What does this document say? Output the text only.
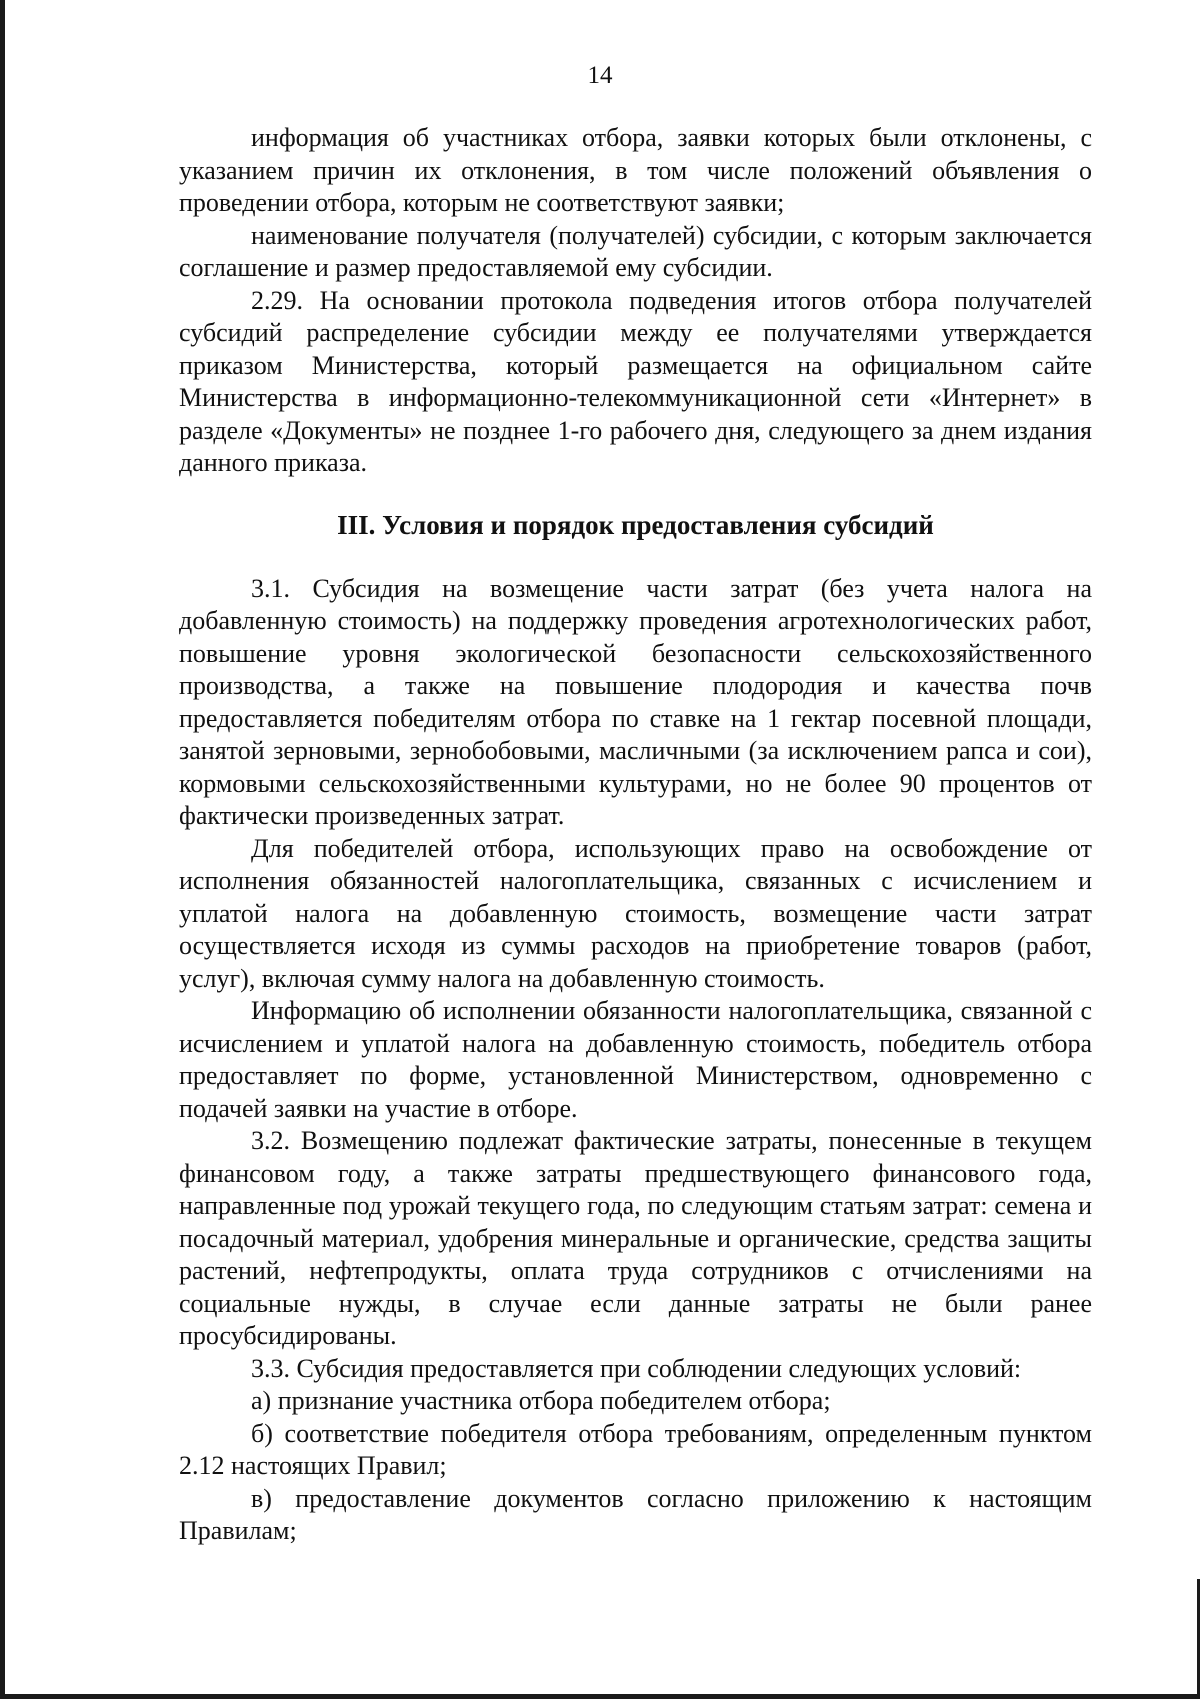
14

информация об участниках отбора, заявки которых были отклонены, с указанием причин их отклонения, в том числе положений объявления о проведении отбора, которым не соответствуют заявки;

наименование получателя (получателей) субсидии, с которым заключается соглашение и размер предоставляемой ему субсидии.

2.29. На основании протокола подведения итогов отбора получателей субсидий распределение субсидии между ее получателями утверждается приказом Министерства, который размещается на официальном сайте Министерства в информационно-телекоммуникационной сети «Интернет» в разделе «Документы» не позднее 1-го рабочего дня, следующего за днем издания данного приказа.

III. Условия и порядок предоставления субсидий

3.1. Субсидия на возмещение части затрат (без учета налога на добавленную стоимость) на поддержку проведения агротехнологических работ, повышение уровня экологической безопасности сельскохозяйственного производства, а также на повышение плодородия и качества почв предоставляется победителям отбора по ставке на 1 гектар посевной площади, занятой зерновыми, зернобобовыми, масличными (за исключением рапса и сои), кормовыми сельскохозяйственными культурами, но не более 90 процентов от фактически произведенных затрат.

Для победителей отбора, использующих право на освобождение от исполнения обязанностей налогоплательщика, связанных с исчислением и уплатой налога на добавленную стоимость, возмещение части затрат осуществляется исходя из суммы расходов на приобретение товаров (работ, услуг), включая сумму налога на добавленную стоимость.

Информацию об исполнении обязанности налогоплательщика, связанной с исчислением и уплатой налога на добавленную стоимость, победитель отбора предоставляет по форме, установленной Министерством, одновременно с подачей заявки на участие в отборе.

3.2. Возмещению подлежат фактические затраты, понесенные в текущем финансовом году, а также затраты предшествующего финансового года, направленные под урожай текущего года, по следующим статьям затрат: семена и посадочный материал, удобрения минеральные и органические, средства защиты растений, нефтепродукты, оплата труда сотрудников с отчислениями на социальные нужды, в случае если данные затраты не были ранее просубсидированы.

3.3. Субсидия предоставляется при соблюдении следующих условий:

а) признание участника отбора победителем отбора;

б) соответствие победителя отбора требованиям, определенным пунктом 2.12 настоящих Правил;

в) предоставление документов согласно приложению к настоящим Правилам;
